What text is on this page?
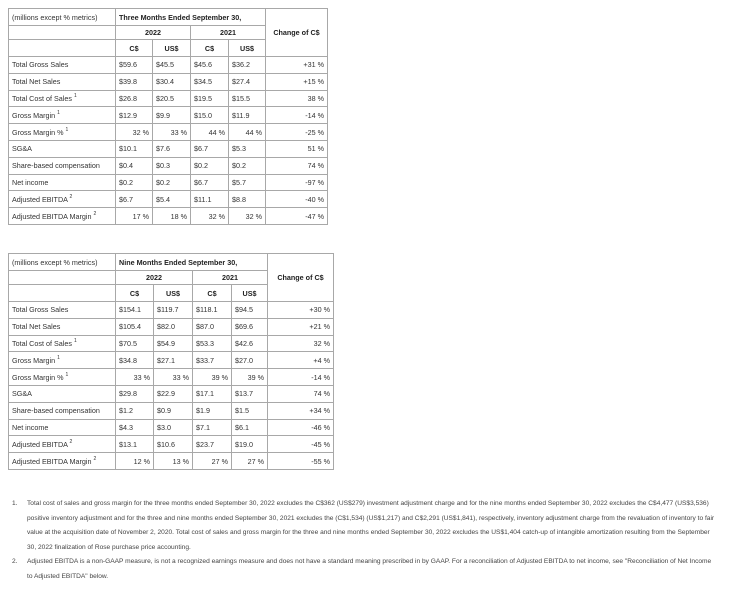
(millions except % metrics)	Three Months Ended September 30,				Change of C$
	2022		2021		
	C$	US$	C$	US$	
Total Gross Sales	$59.6	$45.5	$45.6	$36.2	+31 %
Total Net Sales	$39.8	$30.4	$34.5	$27.4	+15 %
Total Cost of Sales $^1$	$26.8	$20.5	$19.5	$15.5	38 %
Gross Margin $^1$	$12.9	$9.9	$15.0	$11.9	-14 %
Gross Margin % $^1$	32 %	33 %	44 %	44 %	-25 %
SG&A	$10.1	$7.6	$6.7	$5.3	51 %
Share-based compensation	$0.4	$0.3	$0.2	$0.2	74 %
Net income	$0.2	$0.2	$6.7	$5.7	-97 %
Adjusted EBITDA $^2$	$6.7	$5.4	$11.1	$8.8	-40 %
Adjusted EBITDA Margin $^2$	17 %	18 %	32 %	32 %	-47 %
(millions except % metrics)	Nine Months Ended September 30,				Change of C$
	2022		2021		
	C$	US$	C$	US$	
Total Gross Sales	$154.1	$119.7	$118.1	$94.5	+30 %
Total Net Sales	$105.4	$82.0	$87.0	$69.6	+21 %
Total Cost of Sales $^1$	$70.5	$54.9	$53.3	$42.6	32 %
Gross Margin $^1$	$34.8	$27.1	$33.7	$27.0	+4 %
Gross Margin % $^1$	33 %	33 %	39 %	39 %	-14 %
SG&A	$29.8	$22.9	$17.1	$13.7	74 %
Share-based compensation	$1.2	$0.9	$1.9	$1.5	+34 %
Net income	$4.3	$3.0	$7.1	$6.1	-46 %
Adjusted EBITDA $^2$	$13.1	$10.6	$23.7	$19.0	-45 %
Adjusted EBITDA Margin $^2$	12 %	13 %	27 %	27 %	-55 %
1. Total cost of sales and gross margin for the three months ended September 30, 2022 excludes the C$362 (US$279) investment adjustment charge and for the nine months ended September 30, 2022 excludes the C$4,477 (US$3,536) positive inventory adjustment and for the three and nine months ended September 30, 2021 excludes the (C$1,534) (US$1,217) and C$2,291 (US$1,841), respectively, inventory adjustment charge from the revaluation of inventory to fair value at the acquisition date of November 2, 2020. Total cost of sales and gross margin for the three and nine months ended September 30, 2022 excludes the US$1,404 catch-up of intangible amortization resulting from the September 30, 2022 finalization of Rose purchase price accounting.
2. Adjusted EBITDA is a non-GAAP measure, is not a recognized earnings measure and does not have a standard meaning prescribed in by GAAP. For a reconciliation of Adjusted EBITDA to net income, see "Reconciliation of Net Income to Adjusted EBITDA" below.
